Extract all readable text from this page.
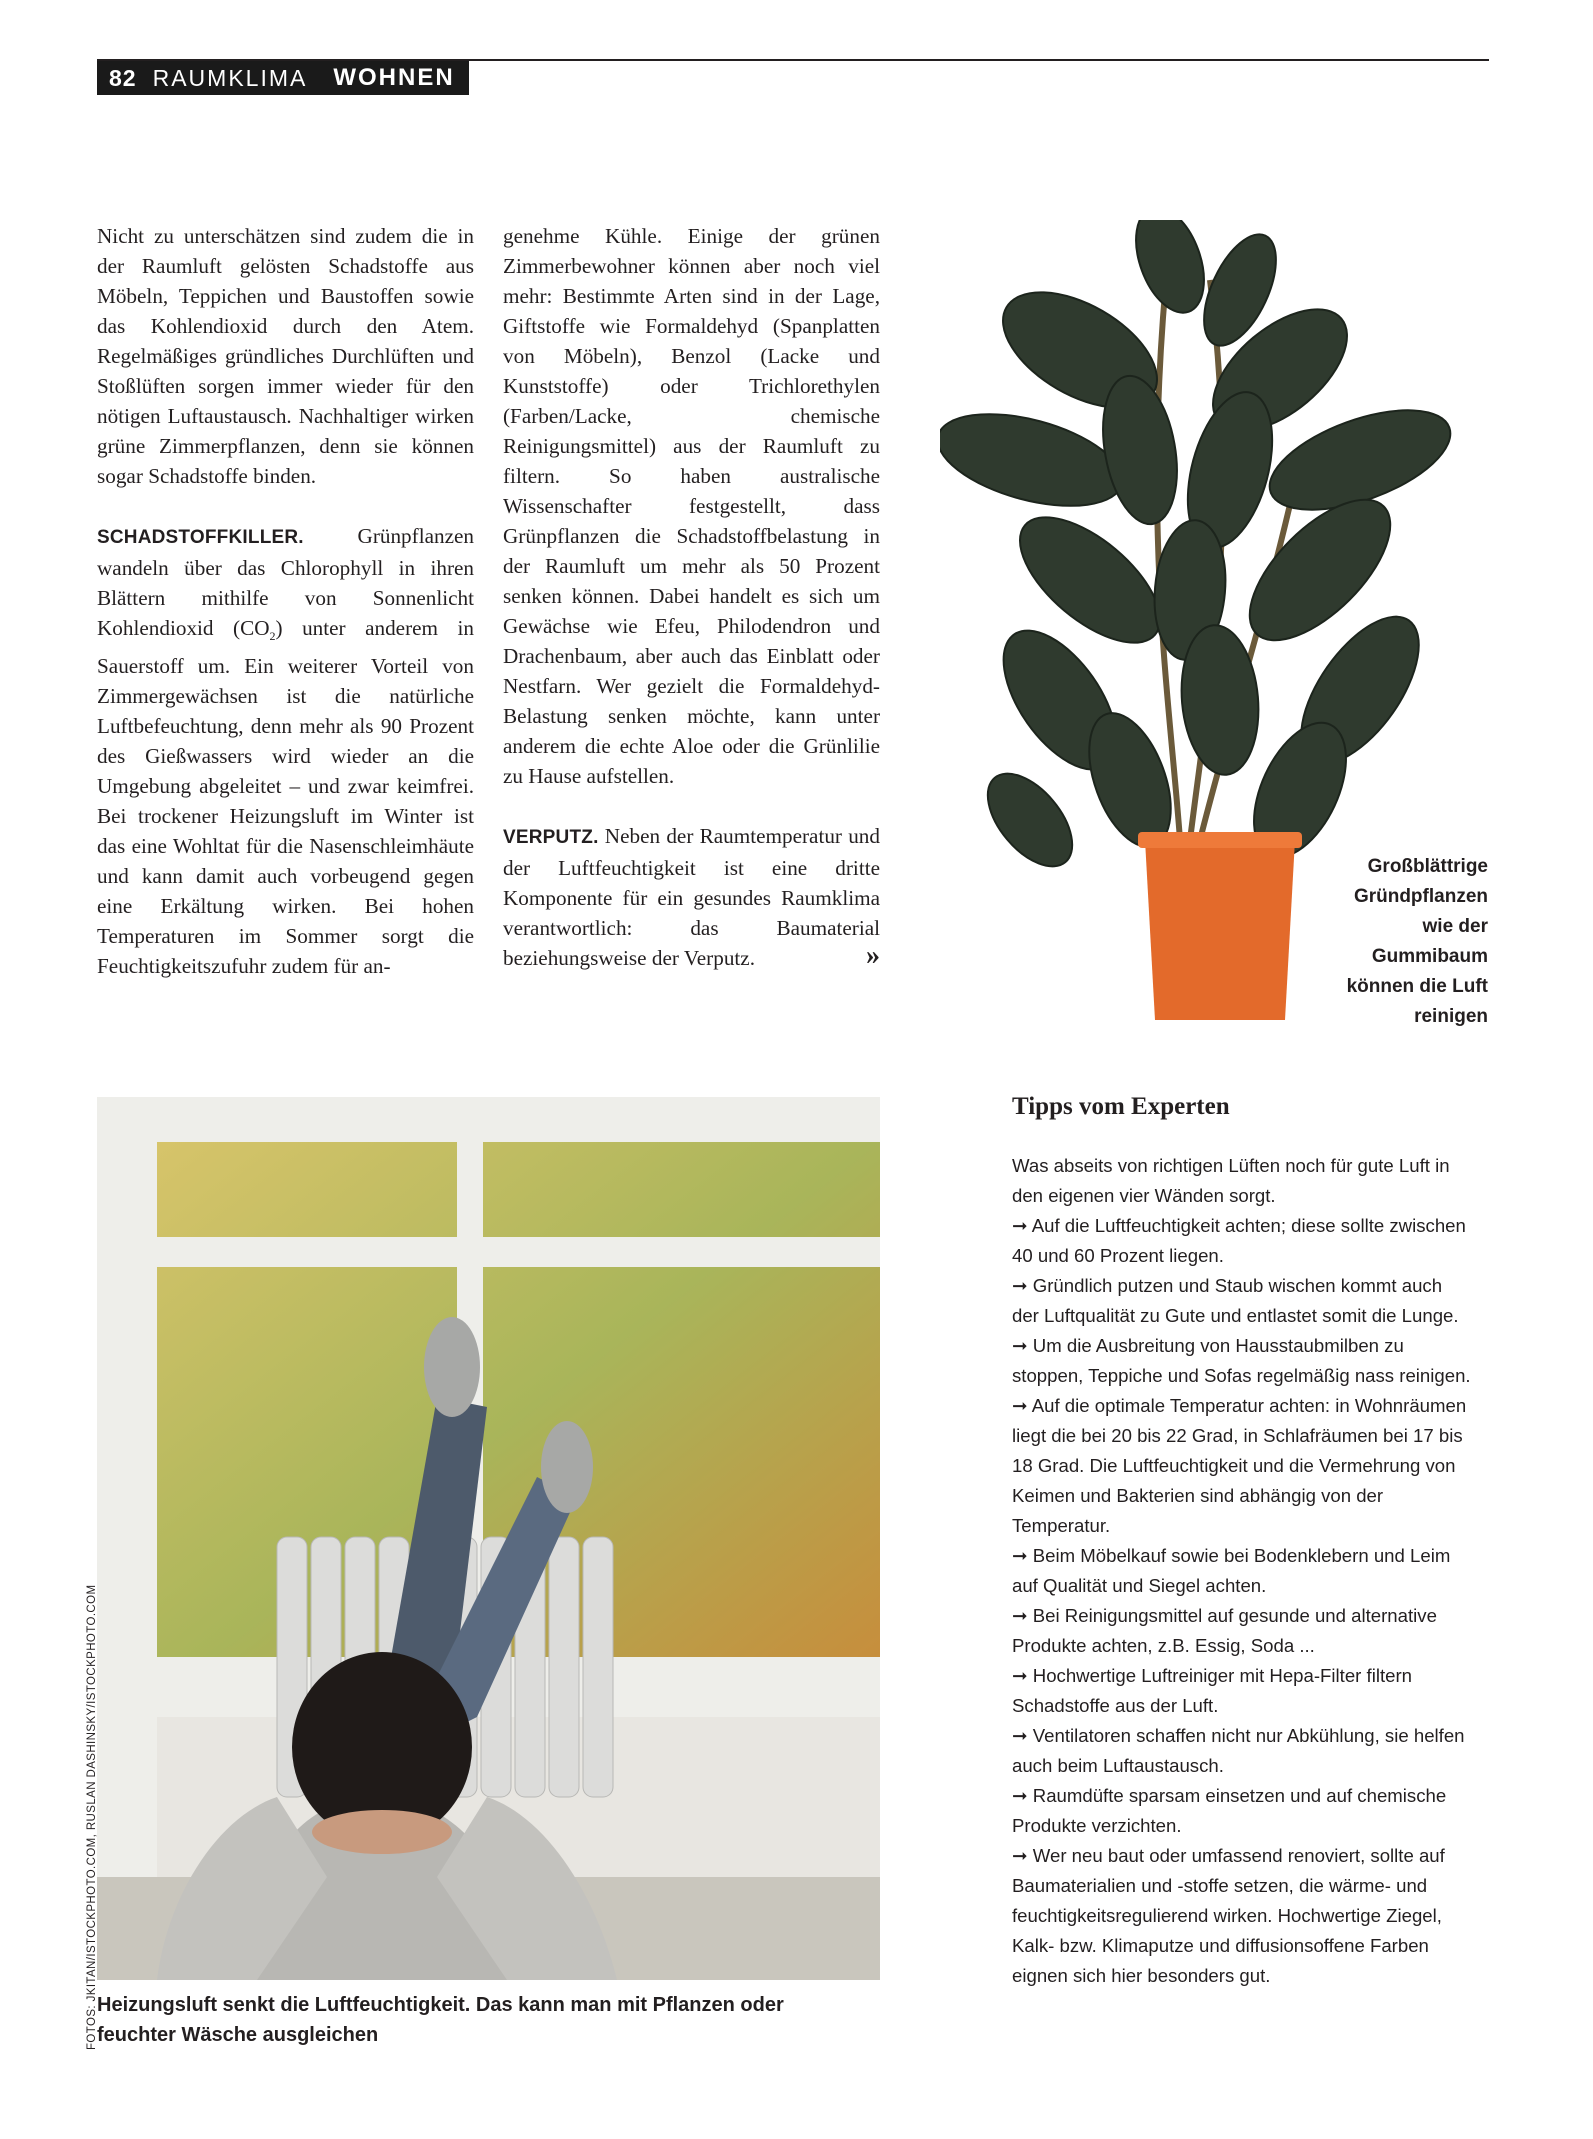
82 RAUMKLIMA WOHNEN

Nicht zu unterschätzen sind zudem die in der Raumluft gelösten Schadstoffe aus Möbeln, Teppichen und Baustoffen sowie das Kohlendioxid durch den Atem. Regelmäßiges gründliches Durchlüften und Stoßlüften sorgen immer wieder für den nötigen Luftaustausch. Nachhaltiger wirken grüne Zimmerpflanzen, denn sie können sogar Schadstoffe binden.

SCHADSTOFFKILLER.	Grünpflanzen wandeln über das Chlorophyll in ihren Blättern mithilfe von Sonnenlicht Kohlendioxid $(CO_2)$ unter anderem in Sauerstoff um. Ein weiterer Vorteil von Zimmergewächsen ist die natürliche Luftbefeuchtung, denn mehr als 90 Prozent des Gießwassers wird wieder an die Umgebung abgeleitet – und zwar keimfrei. Bei trockener Heizungsluft im Winter ist das eine Wohltat für die Nasenschleimhäute und kann damit auch vorbeugend gegen eine Erkältung wirken. Bei hohen Temperaturen im Sommer sorgt die Feuchtigkeitszufuhr zudem für an-

genehme Kühle. Einige der grünen Zimmerbewohner können aber noch viel mehr: Bestimmte Arten sind in der Lage, Giftstoffe wie Formaldehyd (Spanplatten von Möbeln), Benzol (Lacke und Kunststoffe) oder Trichlorethylen (Farben/Lacke, chemische Reinigungsmittel) aus der Raumluft zu filtern. So haben australische Wissenschafter festgestellt, dass Grünpflanzen die Schadstoffbelastung in der Raumluft um mehr als 50 Prozent senken können. Dabei handelt es sich um Gewächse wie Efeu, Philodendron und Drachenbaum, aber auch das Einblatt oder Nestfarn. Wer gezielt die Formaldehyd-Belastung senken möchte, kann unter anderem die echte Aloe oder die Grünlilie zu Hause aufstellen.

VERPUTZ. Neben der Raumtemperatur und der Luftfeuchtigkeit ist eine dritte Komponente für ein gesundes Raumklima verantwortlich: das Baumaterial beziehungsweise der Verputz.	»

Großblättrige
Gründpflanzen
wie der
Gummibaum
können die Luft
reinigen
Heizungsluft senkt die Luftfeuchtigkeit. Das kann man mit Pflanzen oder feuchter Wäsche ausgleichen
FOTOS: JKITAN/ISTOCKPHOTO.COM, RUSLAN DASHINSKY/ISTOCKPHOTO.COM
Tipps vom Experten
Was abseits von richtigen Lüften noch für gute Luft in den eigenen vier Wänden sorgt.
➞ Auf die Luftfeuchtigkeit achten; diese sollte zwischen 40 und 60 Prozent liegen.
➞ Gründlich putzen und Staub wischen kommt auch der Luftqualität zu Gute und entlastet somit die Lunge.
➞ Um die Ausbreitung von Hausstaubmilben zu stoppen, Teppiche und Sofas regelmäßig nass reinigen.
➞ Auf die optimale Temperatur achten: in Wohnräumen liegt die bei 20 bis 22 Grad, in Schlafräumen bei 17 bis 18 Grad. Die Luftfeuchtigkeit und die Vermehrung von Keimen und Bakterien sind abhängig von der Temperatur.
➞ Beim Möbelkauf sowie bei Bodenklebern und Leim auf Qualität und Siegel achten.
➞ Bei Reinigungsmittel auf gesunde und alternative Produkte achten, z.B. Essig, Soda ...
➞ Hochwertige Luftreiniger mit Hepa-Filter filtern Schadstoffe aus der Luft.
➞ Ventilatoren schaffen nicht nur Abkühlung, sie helfen auch beim Luftaustausch.
➞ Raumdüfte sparsam einsetzen und auf chemische Produkte verzichten.
➞ Wer neu baut oder umfassend renoviert, sollte auf Baumaterialien und -stoffe setzen, die wärme- und feuchtigkeitsregulierend wirken. Hochwertige Ziegel, Kalk- bzw. Klimaputze und diffusionsoffene Farben eignen sich hier besonders gut.
